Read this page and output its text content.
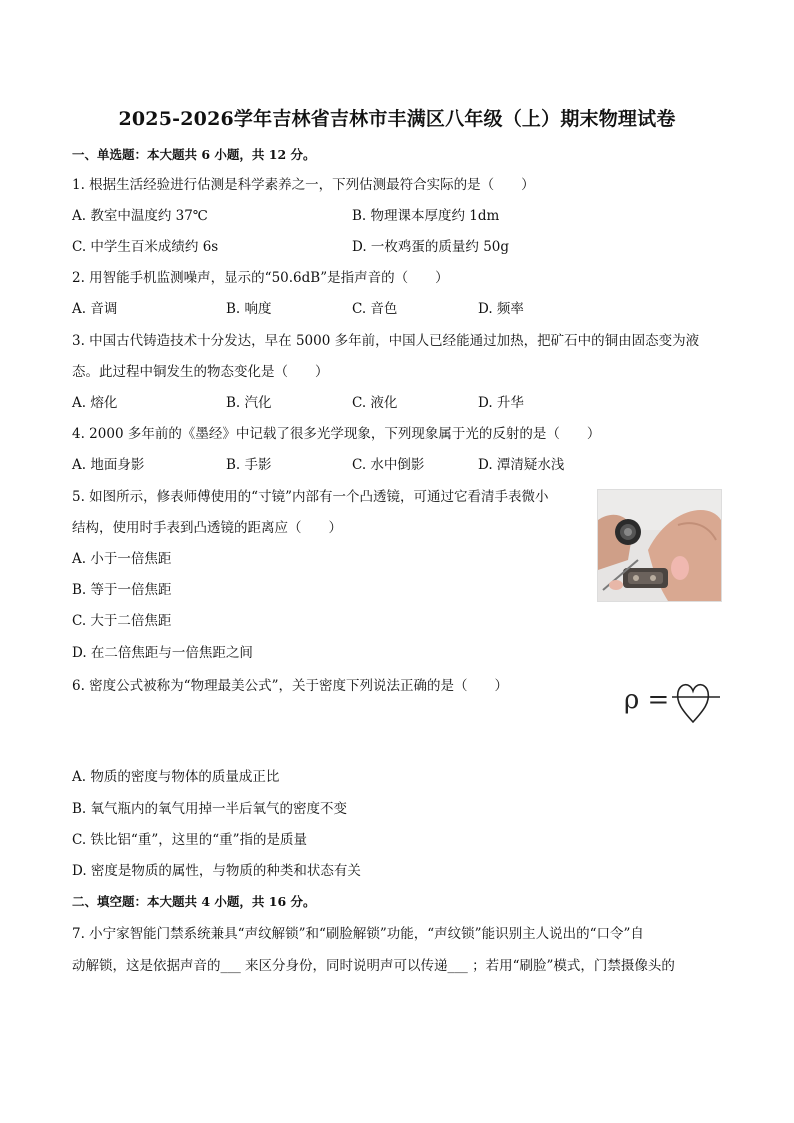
2025-2026学年吉林省吉林市丰满区八年级（上）期末物理试卷
一、单选题：本大题共 6 小题，共 12 分。
1. 根据生活经验进行估测是科学素养之一，下列估测最符合实际的是（　　）
A. 教室中温度约 37℃	B. 物理课本厚度约 1dm
C. 中学生百米成绩约 6s	D. 一枚鸡蛋的质量约 50g
2. 用智能手机监测噪声，显示的“50.6dB”是指声音的（　　）
A. 音调	B. 响度	C. 音色	D. 频率
3. 中国古代铸造技术十分发达，早在 5000 多年前，中国人已经能通过加热，把矿石中的铜由固态变为液
态。此过程中铜发生的物态变化是（　　）
A. 熔化	B. 汽化	C. 液化	D. 升华
4. 2000 多年前的《墨经》中记载了很多光学现象，下列现象属于光的反射的是（　　）
A. 地面身影	B. 手影	C. 水中倒影	D. 潭清疑水浅
5. 如图所示，修表师傅使用的“寸镜”内部有一个凸透镜，可通过它看清手表微小
结构，使用时手表到凸透镜的距离应（　　）
A. 小于一倍焦距
B. 等于一倍焦距
C. 大于二倍焦距
D. 在二倍焦距与一倍焦距之间
6. 密度公式被称为“物理最美公式”，关于密度下列说法正确的是（　　）	ρ =
A. 物质的密度与物体的质量成正比
B. 氧气瓶内的氧气用掉一半后氧气的密度不变
C. 铁比铝“重”，这里的“重”指的是质量
D. 密度是物质的属性，与物质的种类和状态有关
二、填空题：本大题共 4 小题，共 16 分。
7. 小宁家智能门禁系统兼具“声纹解锁”和“刷脸解锁”功能，“声纹锁”能识别主人说出的“口令”自
动解锁，这是依据声音的___ 来区分身份，同时说明声可以传递___ ；若用“刷脸”模式，门禁摄像头的
